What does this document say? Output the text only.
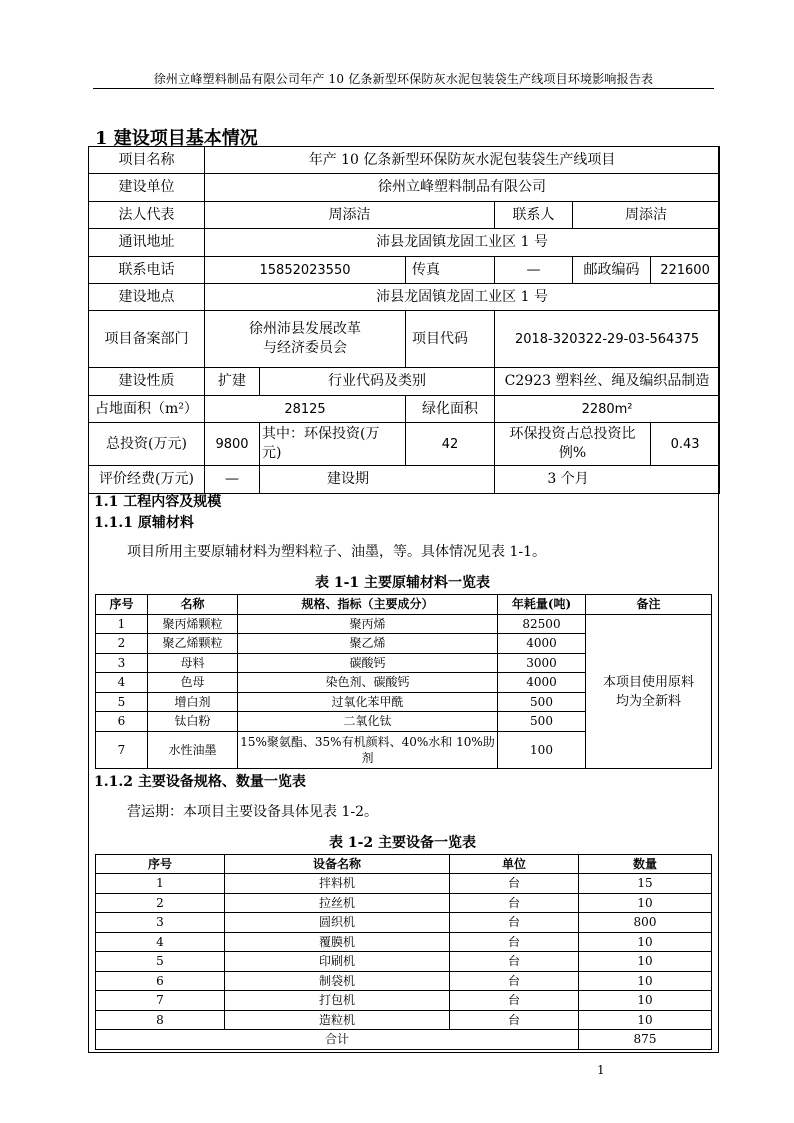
徐州立峰塑料制品有限公司年产 10 亿条新型环保防灰水泥包装袋生产线项目环境影响报告表
1 建设项目基本情况
项目名称	年产 10 亿条新型环保防灰水泥包装袋生产线项目					
建设单位	徐州立峰塑料制品有限公司					
法人代表	周添洁			联系人	周添洁	
通讯地址	沛县龙固镇龙固工业区 1 号					
联系电话	15852023550		传真	—	邮政编码	221600
建设地点	沛县龙固镇龙固工业区 1 号					
项目备案部门	徐州沛县发展改革与经济委员会		项目代码	2018-320322-29-03-564375		
建设性质	扩建	行业代码及类别		C2923 塑料丝、绳及编织品制造		
占地面积（m²）	28125		绿化面积	2280m²		
总投资(万元)	9800	其中：环保投资(万元)	42	环保投资占总投资比例%		0.43
评价经费(万元)	—	建设期		3 个月		
1.1 工程内容及规模
1.1.1 原辅材料
项目所用主要原辅材料为塑料粒子、油墨，等。具体情况见表 1-1。
表 1-1 主要原辅材料一览表
序号	名称	规格、指标（主要成分）	年耗量(吨)	备注
1	聚丙烯颗粒	聚丙烯	82500	本项目使用原料均为全新料
2	聚乙烯颗粒	聚乙烯	4000	
3	母料	碳酸钙	3000	
4	色母	染色剂、碳酸钙	4000	
5	增白剂	过氧化苯甲酰	500	
6	钛白粉	二氧化钛	500	
7	水性油墨	15%聚氨酯、35%有机颜料、40%水和 10%助剂	100	
1.1.2 主要设备规格、数量一览表
营运期：本项目主要设备具体见表 1-2。
表 1-2 主要设备一览表
序号	设备名称	单位	数量
1	拌料机	台	15
2	拉丝机	台	10
3	圆织机	台	800
4	覆膜机	台	10
5	印刷机	台	10
6	制袋机	台	10
7	打包机	台	10
8	造粒机	台	10
合计			875
1
